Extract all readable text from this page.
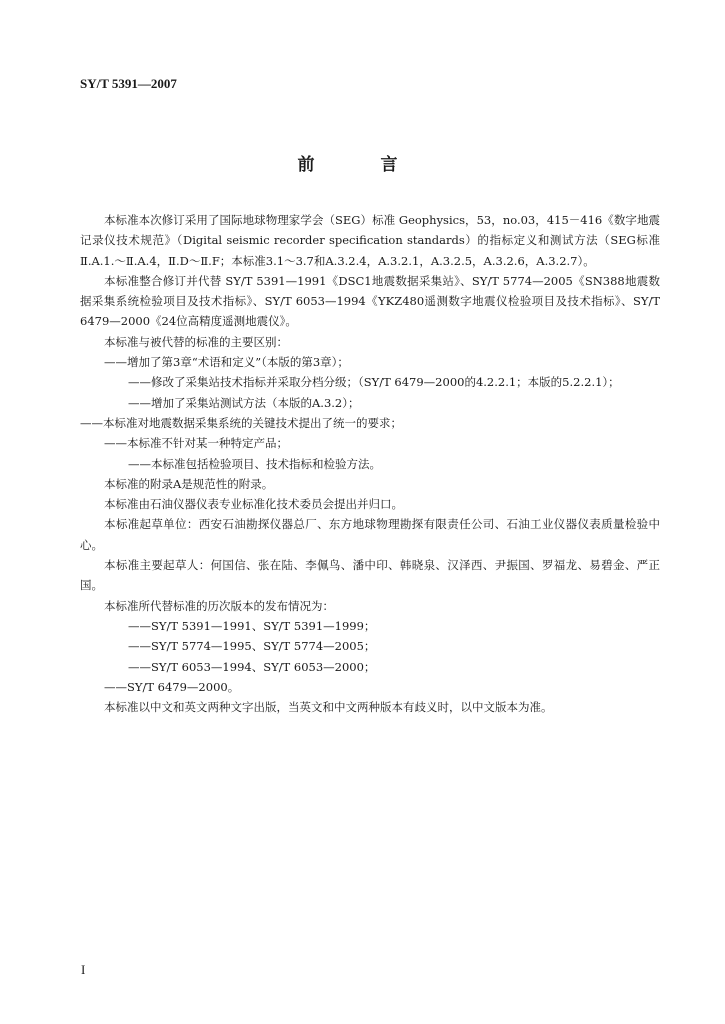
SY/T 5391—2007
前 言

本标准本次修订采用了国际地球物理家学会（SEG）标准 Geophysics，53，no.03，415－416《数字地震记录仪技术规范》（Digital seismic recorder specification standards）的指标定义和测试方法（SEG标准Ⅱ.A.1.～Ⅱ.A.4，Ⅱ.D～Ⅱ.F；本标准3.1～3.7和A.3.2.4，A.3.2.1，A.3.2.5，A.3.2.6，A.3.2.7）。

本标准整合修订并代替 SY/T 5391—1991《DSC1地震数据采集站》、SY/T 5774—2005《SN388地震数据采集系统检验项目及技术指标》、SY/T 6053—1994《YKZ480遥测数字地震仪检验项目及技术指标》、SY/T 6479—2000《24位高精度遥测地震仪》。

本标准与被代替的标准的主要区别：

——增加了第3章“术语和定义”（本版的第3章）；

——修改了采集站技术指标并采取分档分级；（SY/T 6479—2000的4.2.2.1；本版的5.2.2.1）；

——增加了采集站测试方法（本版的A.3.2）；

——本标准对地震数据采集系统的关键技术提出了统一的要求；

——本标准不针对某一种特定产品；

——本标准包括检验项目、技术指标和检验方法。

本标准的附录A是规范性的附录。

本标准由石油仪器仪表专业标准化技术委员会提出并归口。

本标准起草单位：西安石油勘探仪器总厂、东方地球物理勘探有限责任公司、石油工业仪器仪表质量检验中心。

本标准主要起草人：何国信、张在陆、李佩鸟、潘中印、韩晓泉、汉泽西、尹振国、罗福龙、易碧金、严正国。

本标准所代替标准的历次版本的发布情况为：

——SY/T 5391—1991、SY/T 5391—1999；

——SY/T 5774—1995、SY/T 5774—2005；

——SY/T 6053—1994、SY/T 6053—2000；

——SY/T 6479—2000。

本标准以中文和英文两种文字出版，当英文和中文两种版本有歧义时，以中文版本为准。

I
